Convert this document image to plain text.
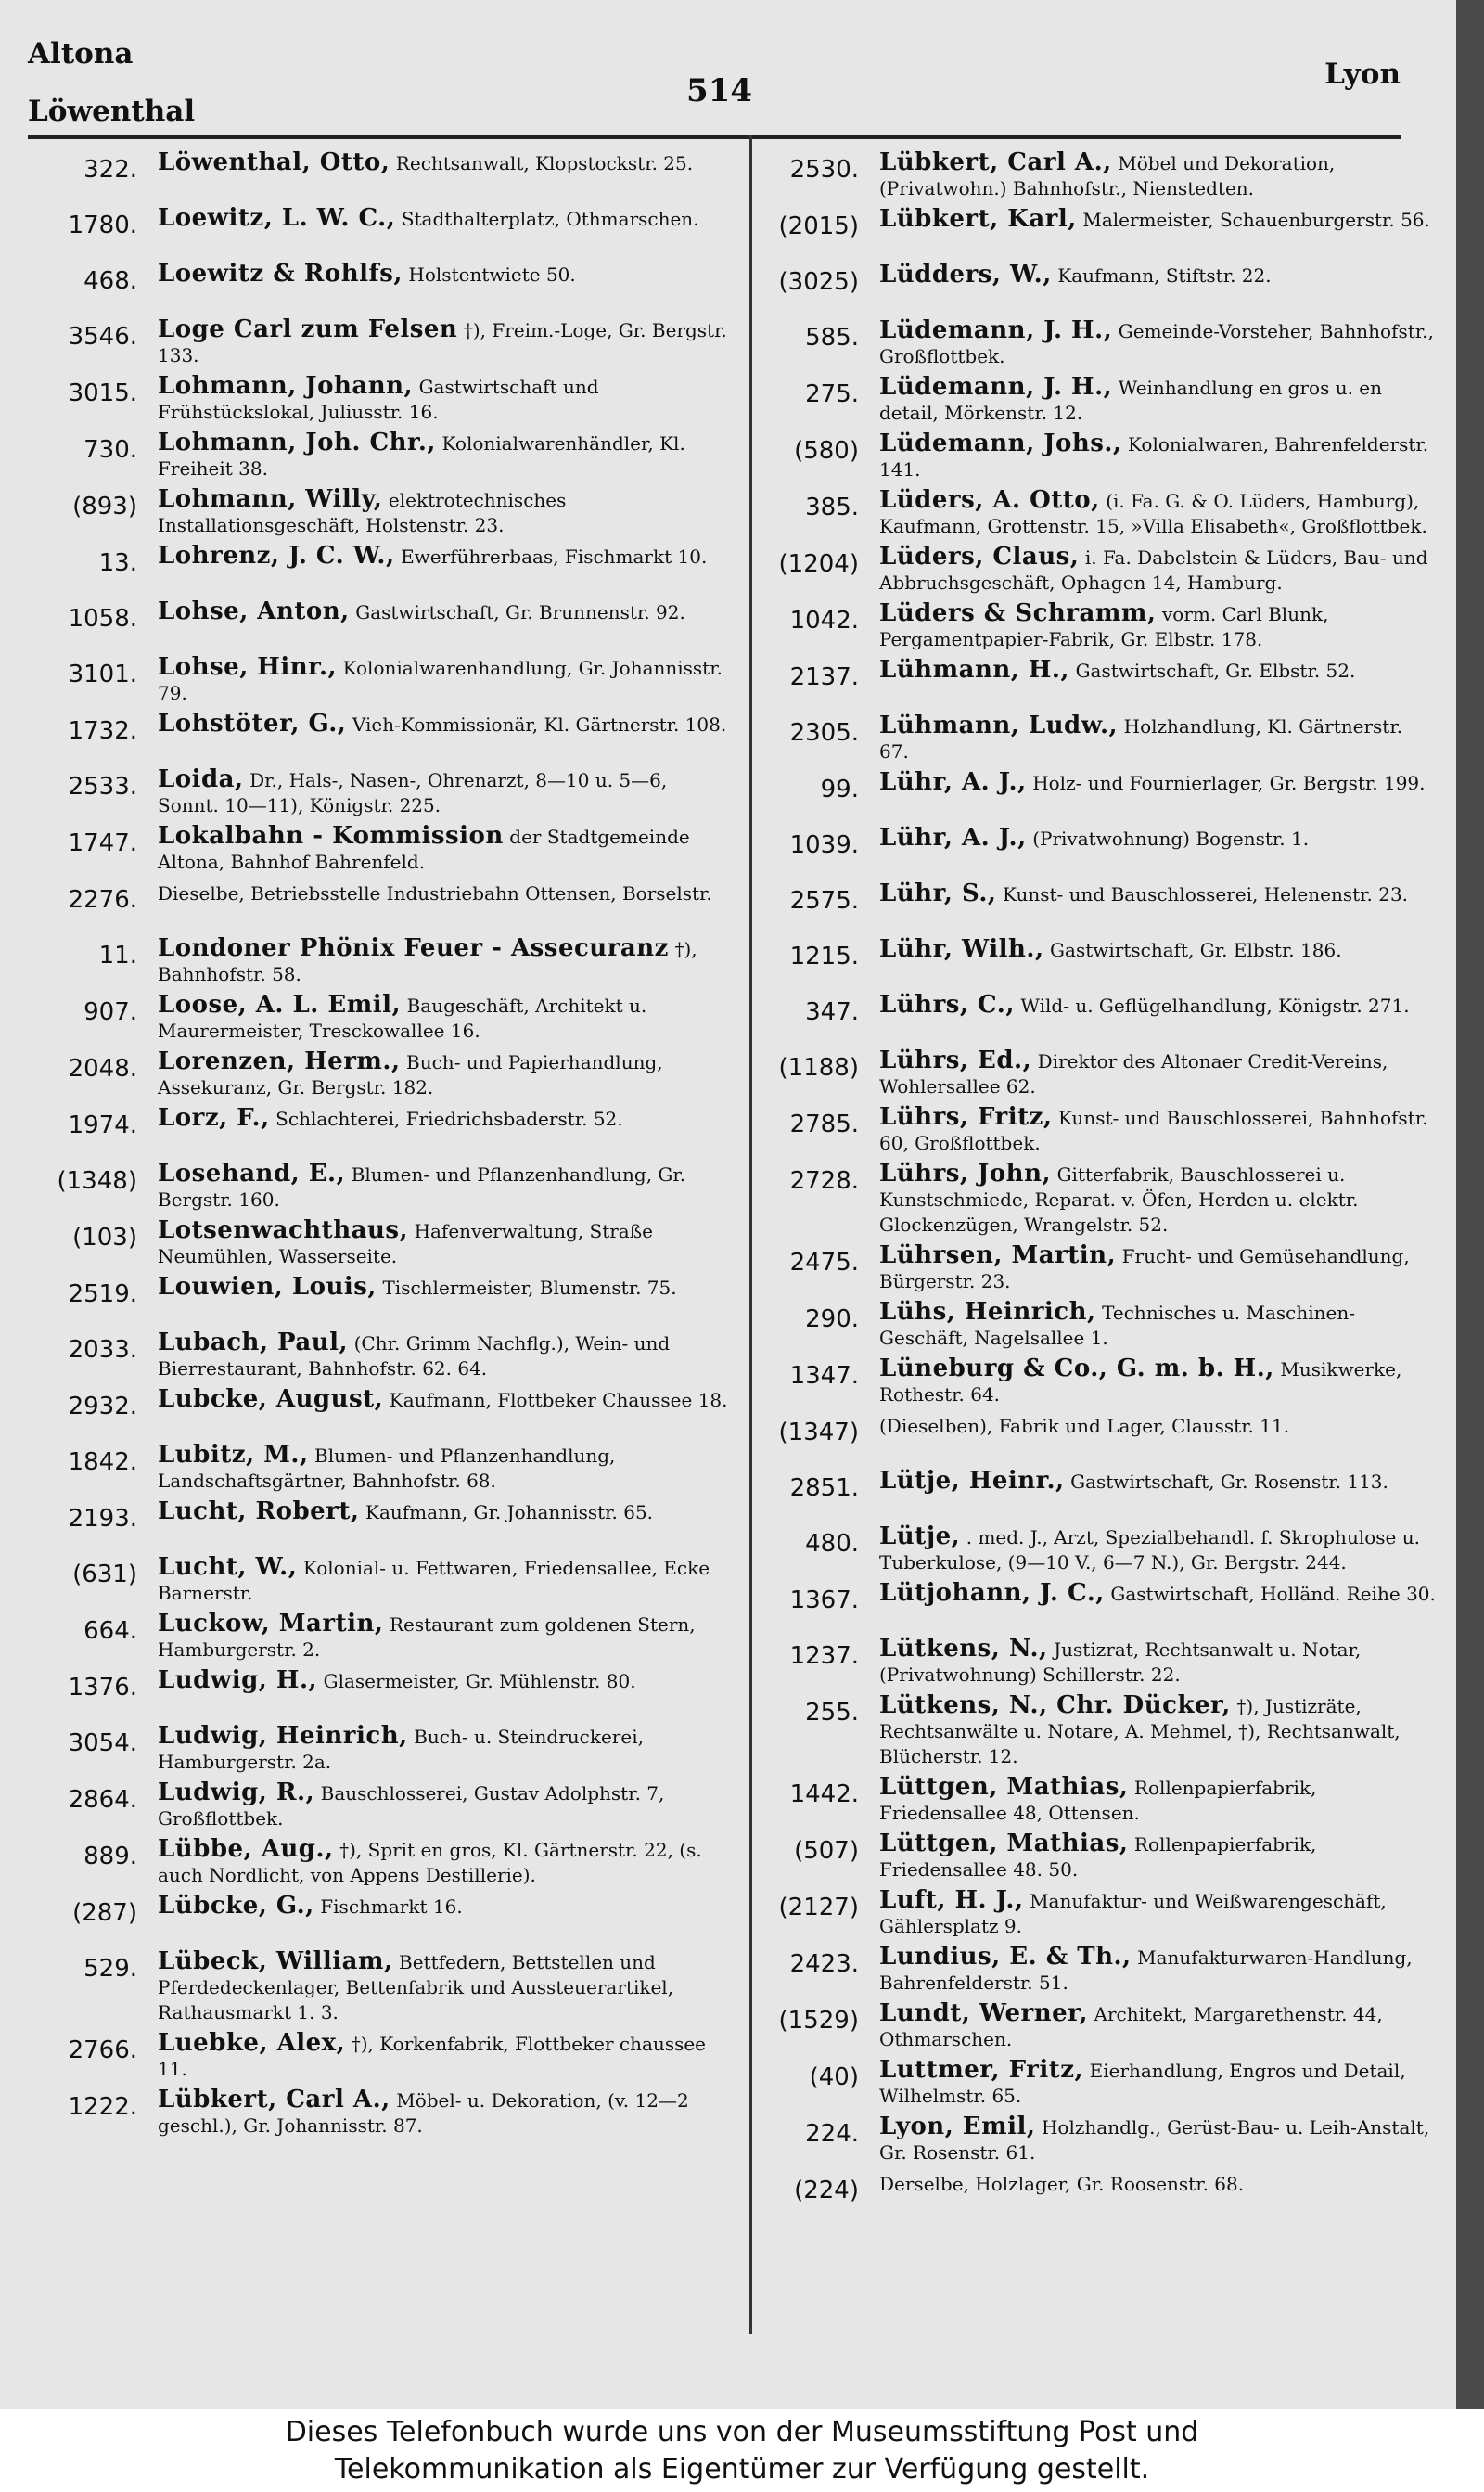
Altona
Löwenthal
514	Lyon
322. Löwenthal, Otto, Rechtsanwalt, Klopstockstr. 25.
1780. Loewitz, L. W. C., Stadthalterplatz, Othmarschen.
468. Loewitz & Rohlfs, Holstentwiete 50.
3546. Loge Carl zum Felsen †), Freim.-Loge, Gr. Bergstr. 133.
3015. Lohmann, Johann, Gastwirtschaft und Frühstückslokal, Juliusstr. 16.
730. Lohmann, Joh. Chr., Kolonialwarenhändler, Kl. Freiheit 38.
(893) Lohmann, Willy, elektrotechnisches Installationsgeschäft, Holstenstr. 23.
13. Lohrenz, J. C. W., Ewerführerbaas, Fischmarkt 10.
1058. Lohse, Anton, Gastwirtschaft, Gr. Brunnenstr. 92.
3101. Lohse, Hinr., Kolonialwarenhandlung, Gr. Johannisstr. 79.
1732. Lohstöter, G., Vieh-Kommissionär, Kl. Gärtnerstr. 108.
2533. Loida, Dr., Hals-, Nasen-, Ohrenarzt, 8—10 u. 5—6, Sonnt. 10—11), Königstr. 225.
1747. Lokalbahn - Kommission der Stadtgemeinde Altona, Bahnhof Bahrenfeld.
2276. Dieselbe, Betriebsstelle Industriebahn Ottensen, Borselstr.
11. Londoner Phönix Feuer - Assecuranz †), Bahnhofstr. 58.
907. Loose, A. L. Emil, Baugeschäft, Architekt u. Maurermeister, Tresckowallee 16.
2048. Lorenzen, Herm., Buch- und Papierhandlung, Assekuranz, Gr. Bergstr. 182.
1974. Lorz, F., Schlachterei, Friedrichsbaderstr. 52.
(1348) Losehand, E., Blumen- und Pflanzenhandlung, Gr. Bergstr. 160.
(103) Lotsenwachthaus, Hafenverwaltung, Straße Neumühlen, Wasserseite.
2519. Louwien, Louis, Tischlermeister, Blumenstr. 75.
2033. Lubach, Paul, (Chr. Grimm Nachflg.), Wein- und Bierrestaurant, Bahnhofstr. 62. 64.
2932. Lubcke, August, Kaufmann, Flottbeker Chaussee 18.
1842. Lubitz, M., Blumen- und Pflanzenhandlung, Landschaftsgärtner, Bahnhofstr. 68.
2193. Lucht, Robert, Kaufmann, Gr. Johannisstr. 65.
(631) Lucht, W., Kolonial- u. Fettwaren, Friedensallee, Ecke Barnerstr.
664. Luckow, Martin, Restaurant zum goldenen Stern, Hamburgerstr. 2.
1376. Ludwig, H., Glasermeister, Gr. Mühlenstr. 80.
3054. Ludwig, Heinrich, Buch- u. Steindruckerei, Hamburgerstr. 2a.
2864. Ludwig, R., Bauschlosserei, Gustav Adolphstr. 7, Großflottbek.
889. Lübbe, Aug., †), Sprit en gros, Kl. Gärtnerstr. 22, (s. auch Nordlicht, von Appens Destillerie).
(287) Lübcke, G., Fischmarkt 16.
529. Lübeck, William, Bettfedern, Bettstellen und Pferdedeckenlager, Bettenfabrik und Aussteuerartikel, Rathausmarkt 1. 3.
2766. Luebke, Alex, †), Korkenfabrik, Flottbeker chaussee 11.
1222. Lübkert, Carl A., Möbel- u. Dekoration, (v. 12—2 geschl.), Gr. Johannisstr. 87.
2530. Lübkert, Carl A., Möbel und Dekoration, (Privatwohn.) Bahnhofstr., Nienstedten.
(2015) Lübkert, Karl, Malermeister, Schauenburgerstr. 56.
(3025) Lüdders, W., Kaufmann, Stiftstr. 22.
585. Lüdemann, J. H., Gemeinde-Vorsteher, Bahnhofstr., Großflottbek.
275. Lüdemann, J. H., Weinhandlung en gros u. en detail, Mörkenstr. 12.
(580) Lüdemann, Johs., Kolonialwaren, Bahrenfelderstr. 141.
385. Lüders, A. Otto, (i. Fa. G. & O. Lüders, Hamburg), Kaufmann, Grottenstr. 15, »Villa Elisabeth«, Großflottbek.
(1204) Lüders, Claus, i. Fa. Dabelstein & Lüders, Bau- und Abbruchsgeschäft, Ophagen 14, Hamburg.
1042. Lüders & Schramm, vorm. Carl Blunk, Pergamentpapier-Fabrik, Gr. Elbstr. 178.
2137. Lühmann, H., Gastwirtschaft, Gr. Elbstr. 52.
2305. Lühmann, Ludw., Holzhandlung, Kl. Gärtnerstr. 67.
99. Lühr, A. J., Holz- und Fournierlager, Gr. Bergstr. 199.
1039. Lühr, A. J., (Privatwohnung) Bogenstr. 1.
2575. Lühr, S., Kunst- und Bauschlosserei, Helenenstr. 23.
1215. Lühr, Wilh., Gastwirtschaft, Gr. Elbstr. 186.
347. Lührs, C., Wild- u. Geflügelhandlung, Königstr. 271.
(1188) Lührs, Ed., Direktor des Altonaer Credit-Vereins, Wohlersallee 62.
2785. Lührs, Fritz, Kunst- und Bauschlosserei, Bahnhofstr. 60, Großflottbek.
2728. Lührs, John, Gitterfabrik, Bauschlosserei u. Kunstschmiede, Reparat. v. Öfen, Herden u. elektr. Glockenzügen, Wrangelstr. 52.
2475. Lührsen, Martin, Frucht- und Gemüsehandlung, Bürgerstr. 23.
290. Lühs, Heinrich, Technisches u. Maschinen-Geschäft, Nagelsallee 1.
1347. Lüneburg & Co., G. m. b. H., Musikwerke, Rothestr. 64.
(1347) (Dieselben), Fabrik und Lager, Clausstr. 11.
2851. Lütje, Heinr., Gastwirtschaft, Gr. Rosenstr. 113.
480. Lütje, . med. J., Arzt, Spezialbehandl. f. Skrophulose u. Tuberkulose, (9—10 V., 6—7 N.), Gr. Bergstr. 244.
1367. Lütjohann, J. C., Gastwirtschaft, Holländ. Reihe 30.
1237. Lütkens, N., Justizrat, Rechtsanwalt u. Notar, (Privatwohnung) Schillerstr. 22.
255. Lütkens, N., Chr. Dücker, †), Justizräte, Rechtsanwälte u. Notare, A. Mehmel, †), Rechtsanwalt, Blücherstr. 12.
1442. Lüttgen, Mathias, Rollenpapierfabrik, Friedensallee 48, Ottensen.
(507) Lüttgen, Mathias, Rollenpapierfabrik, Friedensallee 48. 50.
(2127) Luft, H. J., Manufaktur- und Weißwarengeschäft, Gählersplatz 9.
2423. Lundius, E. & Th., Manufakturwaren-Handlung, Bahrenfelderstr. 51.
(1529) Lundt, Werner, Architekt, Margarethenstr. 44, Othmarschen.
(40) Luttmer, Fritz, Eierhandlung, Engros und Detail, Wilhelmstr. 65.
224. Lyon, Emil, Holzhandlg., Gerüst-Bau- u. Leih-Anstalt, Gr. Rosenstr. 61.
(224) Derselbe, Holzlager, Gr. Roosenstr. 68.
Dieses Telefonbuch wurde uns von der Museumsstiftung Post und
Telekommunikation als Eigentümer zur Verfügung gestellt.
